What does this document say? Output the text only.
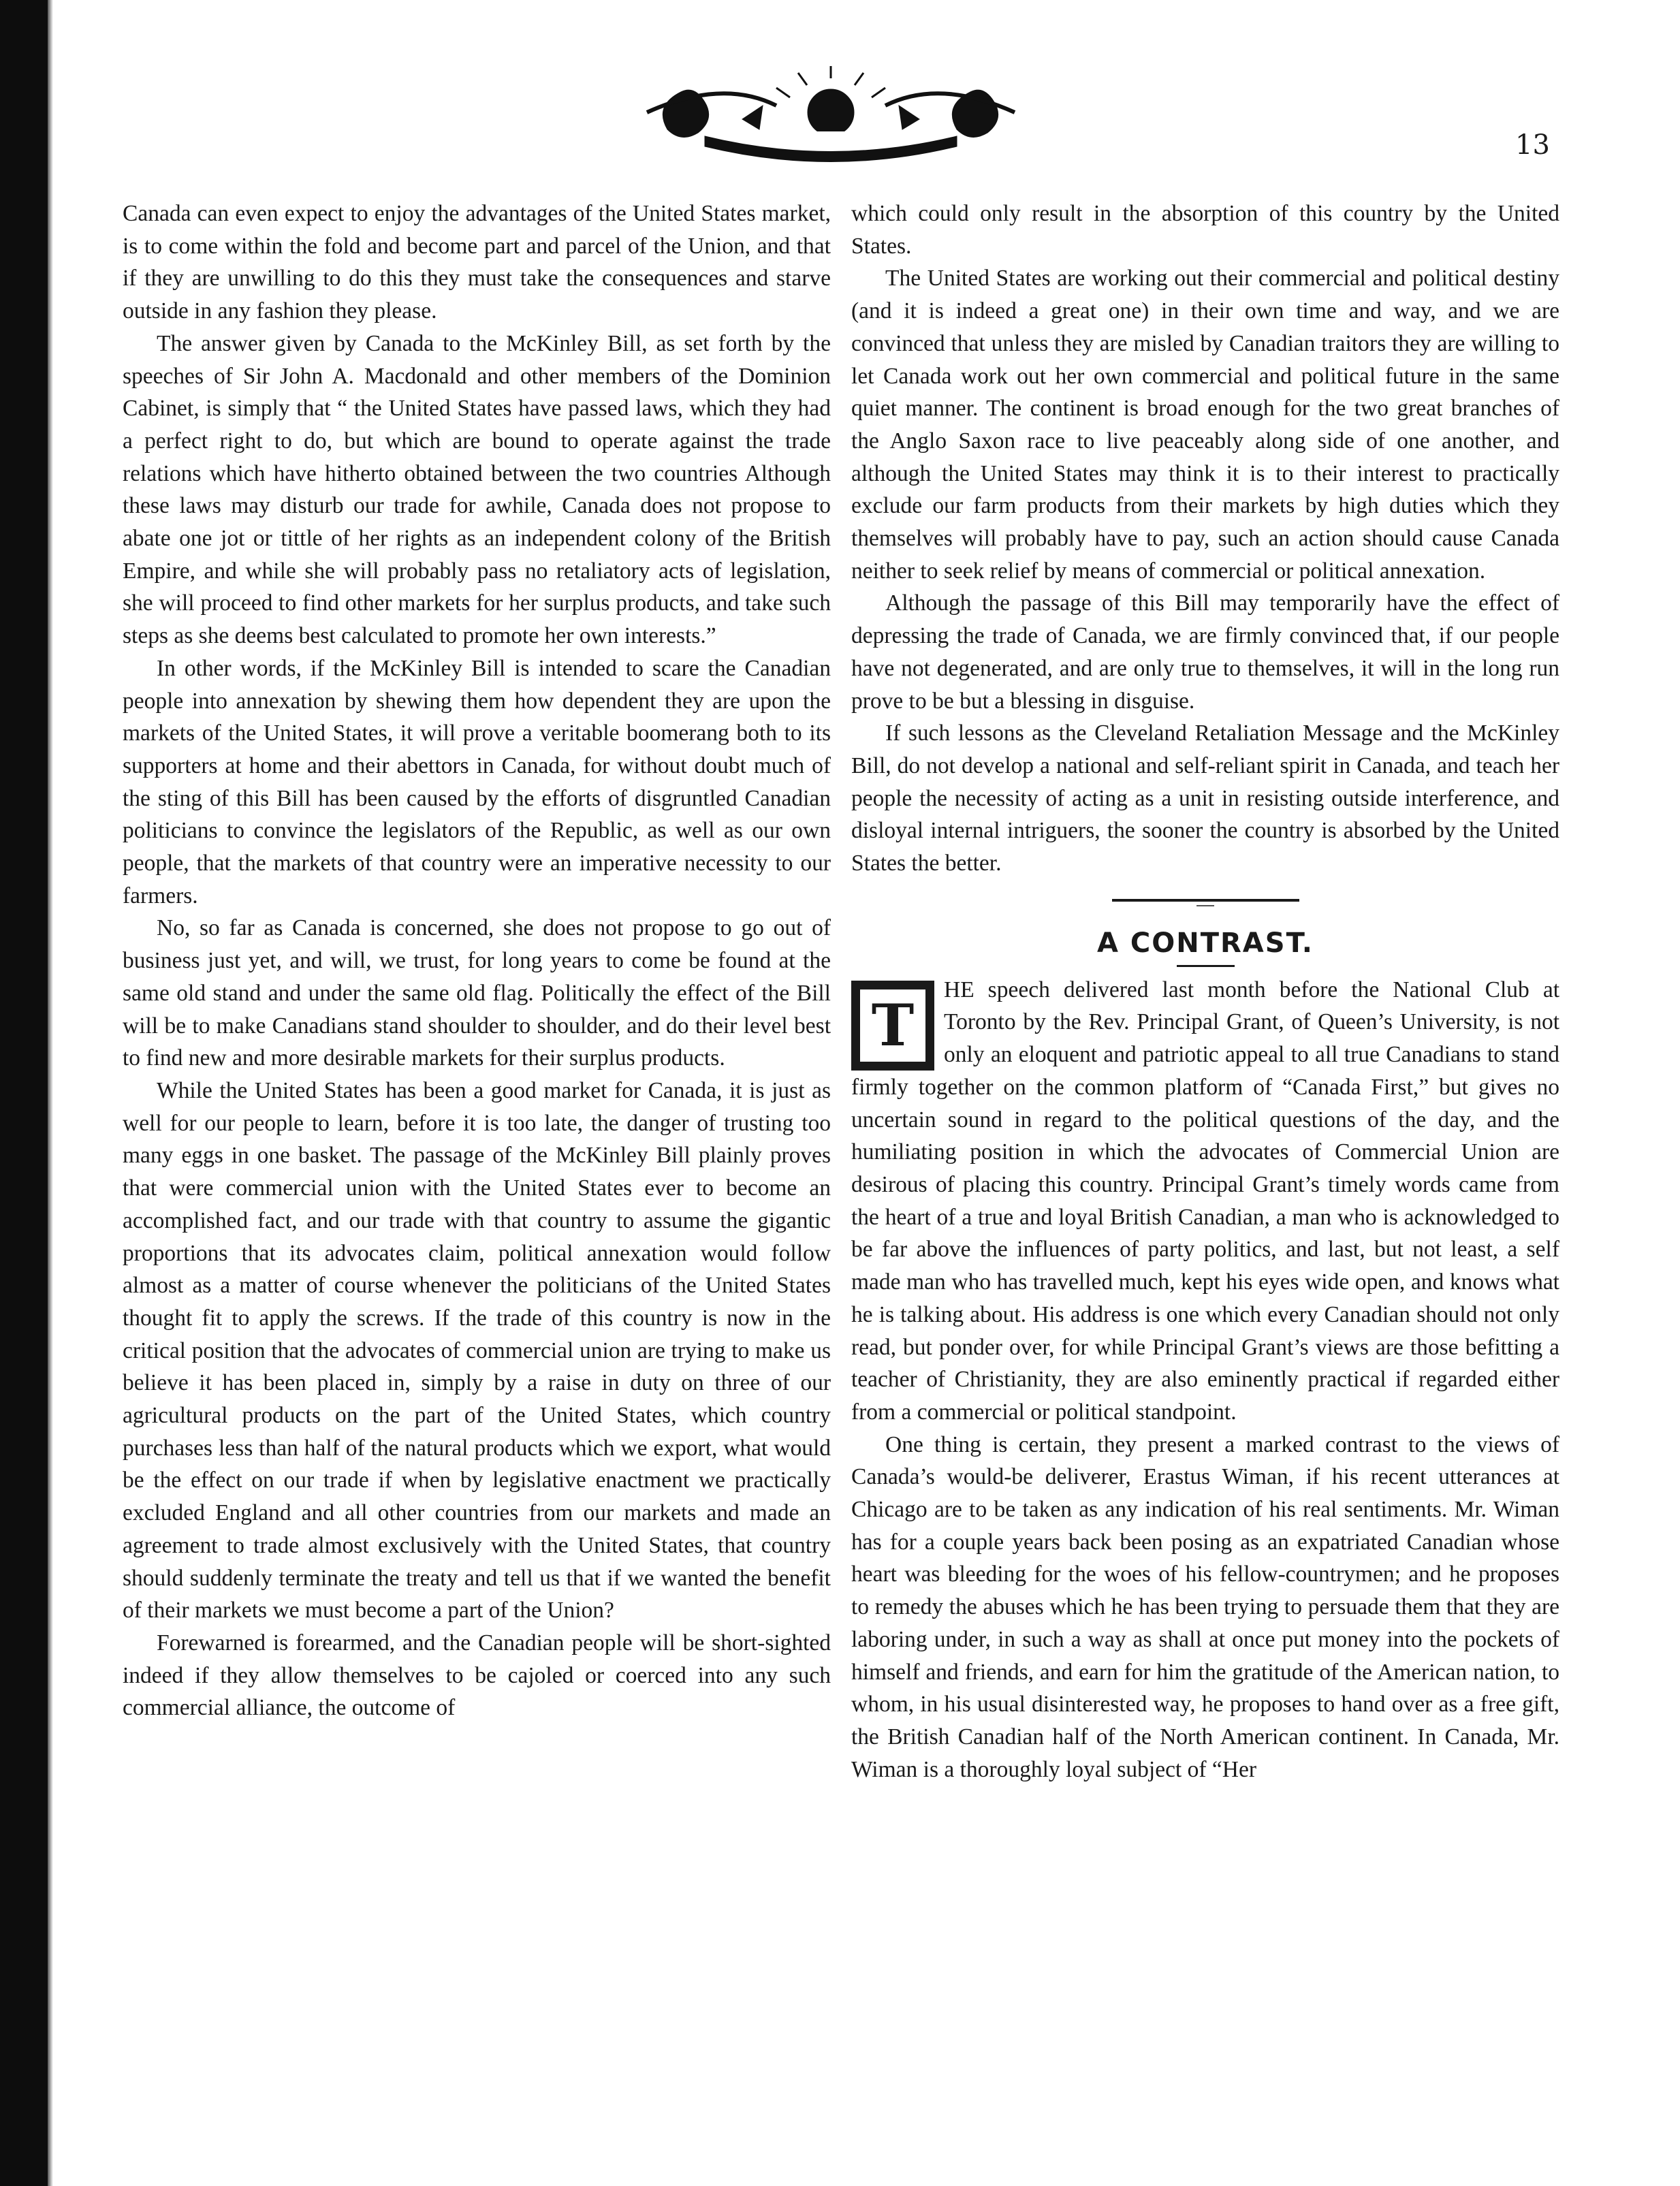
13

Canada can even expect to enjoy the advantages of the United States market, is to come within the fold and become part and parcel of the Union, and that if they are unwilling to do this they must take the consequences and starve outside in any fashion they please.

The answer given by Canada to the McKinley Bill, as set forth by the speeches of Sir John A. Macdonald and other members of the Dominion Cabinet, is simply that “ the United States have passed laws, which they had a perfect right to do, but which are bound to operate against the trade relations which have hitherto obtained between the two countries Although these laws may disturb our trade for awhile, Canada does not propose to abate one jot or tittle of her rights as an independent colony of the British Empire, and while she will probably pass no retaliatory acts of legislation, she will proceed to find other markets for her surplus products, and take such steps as she deems best calculated to promote her own interests.”

In other words, if the McKinley Bill is intended to scare the Canadian people into annexation by shewing them how dependent they are upon the markets of the United States, it will prove a veritable boomerang both to its supporters at home and their abettors in Canada, for without doubt much of the sting of this Bill has been caused by the efforts of disgruntled Canadian politicians to convince the legislators of the Republic, as well as our own people, that the markets of that country were an imperative necessity to our farmers.

No, so far as Canada is concerned, she does not propose to go out of business just yet, and will, we trust, for long years to come be found at the same old stand and under the same old flag. Politically the effect of the Bill will be to make Canadians stand shoulder to shoulder, and do their level best to find new and more desirable markets for their surplus products.

While the United States has been a good market for Canada, it is just as well for our people to learn, before it is too late, the danger of trusting too many eggs in one basket. The passage of the McKinley Bill plainly proves that were commercial union with the United States ever to become an accomplished fact, and our trade with that country to assume the gigantic proportions that its advocates claim, political annexation would follow almost as a matter of course whenever the politicians of the United States thought fit to apply the screws. If the trade of this country is now in the critical position that the advocates of commercial union are trying to make us believe it has been placed in, simply by a raise in duty on three of our agricultural products on the part of the United States, which country purchases less than half of the natural products which we export, what would be the effect on our trade if when by legislative enactment we practically excluded England and all other countries from our markets and made an agreement to trade almost exclusively with the United States, that country should suddenly terminate the treaty and tell us that if we wanted the benefit of their markets we must become a part of the Union?

Forewarned is forearmed, and the Canadian people will be short-sighted indeed if they allow themselves to be cajoled or coerced into any such commercial alliance, the outcome of

which could only result in the absorption of this country by the United States.

The United States are working out their commercial and political destiny (and it is indeed a great one) in their own time and way, and we are convinced that unless they are misled by Canadian traitors they are willing to let Canada work out her own commercial and political future in the same quiet manner. The continent is broad enough for the two great branches of the Anglo Saxon race to live peaceably along side of one another, and although the United States may think it is to their interest to practically exclude our farm products from their markets by high duties which they themselves will probably have to pay, such an action should cause Canada neither to seek relief by means of commercial or political annexation.

Although the passage of this Bill may temporarily have the effect of depressing the trade of Canada, we are firmly convinced that, if our people have not degenerated, and are only true to themselves, it will in the long run prove to be but a blessing in disguise.

If such lessons as the Cleveland Retaliation Message and the McKinley Bill, do not develop a national and self-reliant spirit in Canada, and teach her people the necessity of acting as a unit in resisting outside interference, and disloyal internal intriguers, the sooner the country is absorbed by the United States the better.

A CONTRAST.
T

HE speech delivered last month before the National Club at Toronto by the Rev. Principal Grant, of Queen’s University, is not only an eloquent and patriotic appeal to all true Canadians to stand firmly together on the common platform of “Canada First,” but gives no uncertain sound in regard to the political questions of the day, and the humiliating position in which the advocates of Commercial Union are desirous of placing this country. Principal Grant’s timely words came from the heart of a true and loyal British Canadian, a man who is acknowledged to be far above the influences of party politics, and last, but not least, a self made man who has travelled much, kept his eyes wide open, and knows what he is talking about. His address is one which every Canadian should not only read, but ponder over, for while Principal Grant’s views are those befitting a teacher of Christianity, they are also eminently practical if regarded either from a commercial or political standpoint.

One thing is certain, they present a marked contrast to the views of Canada’s would-be deliverer, Erastus Wiman, if his recent utterances at Chicago are to be taken as any indication of his real sentiments. Mr. Wiman has for a couple years back been posing as an expatriated Canadian whose heart was bleeding for the woes of his fellow-countrymen; and he proposes to remedy the abuses which he has been trying to persuade them that they are laboring under, in such a way as shall at once put money into the pockets of himself and friends, and earn for him the gratitude of the American nation, to whom, in his usual disinterested way, he proposes to hand over as a free gift, the British Canadian half of the North American continent. In Canada, Mr. Wiman is a thoroughly loyal subject of “Her
